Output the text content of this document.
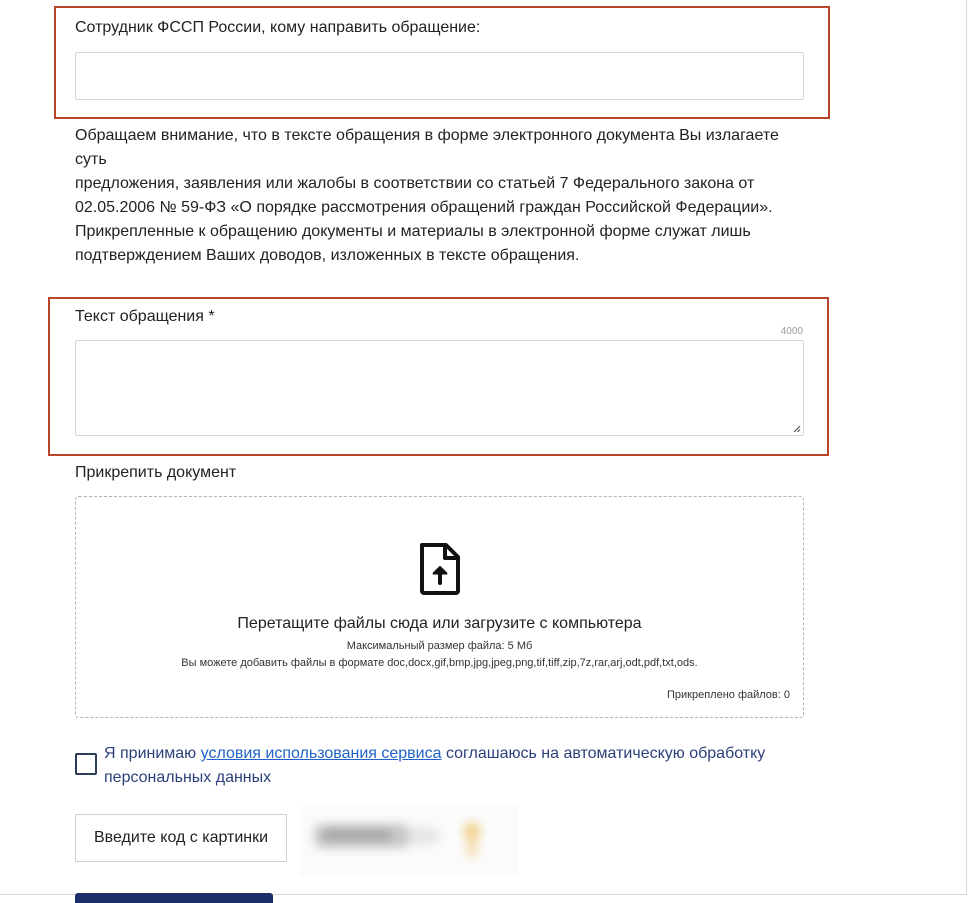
Сотрудник ФССП России, кому направить обращение:

Обращаем внимание, что в тексте обращения в форме электронного документа Вы излагаете суть

предложения, заявления или жалобы в соответствии со статьей 7 Федерального закона от 02.05.2006 № 59-ФЗ «О порядке рассмотрения обращений граждан Российской Федерации».

Прикрепленные к обращению документы и материалы в электронной форме служат лишь подтверждением Ваших доводов, изложенных в тексте обращения.

Текст обращения *
4000
Прикрепить документ
Перетащите файлы сюда или загрузите с компьютера
Максимальный размер файла: 5 Мб
Вы можете добавить файлы в формате doc,docx,gif,bmp,jpg,jpeg,png,tif,tiff,zip,7z,rar,arj,odt,pdf,txt,ods.
Прикреплено файлов: 0
Я принимаю условия использования сервиса соглашаюсь на автоматическую обработку персональных данных
Введите код с картинки
